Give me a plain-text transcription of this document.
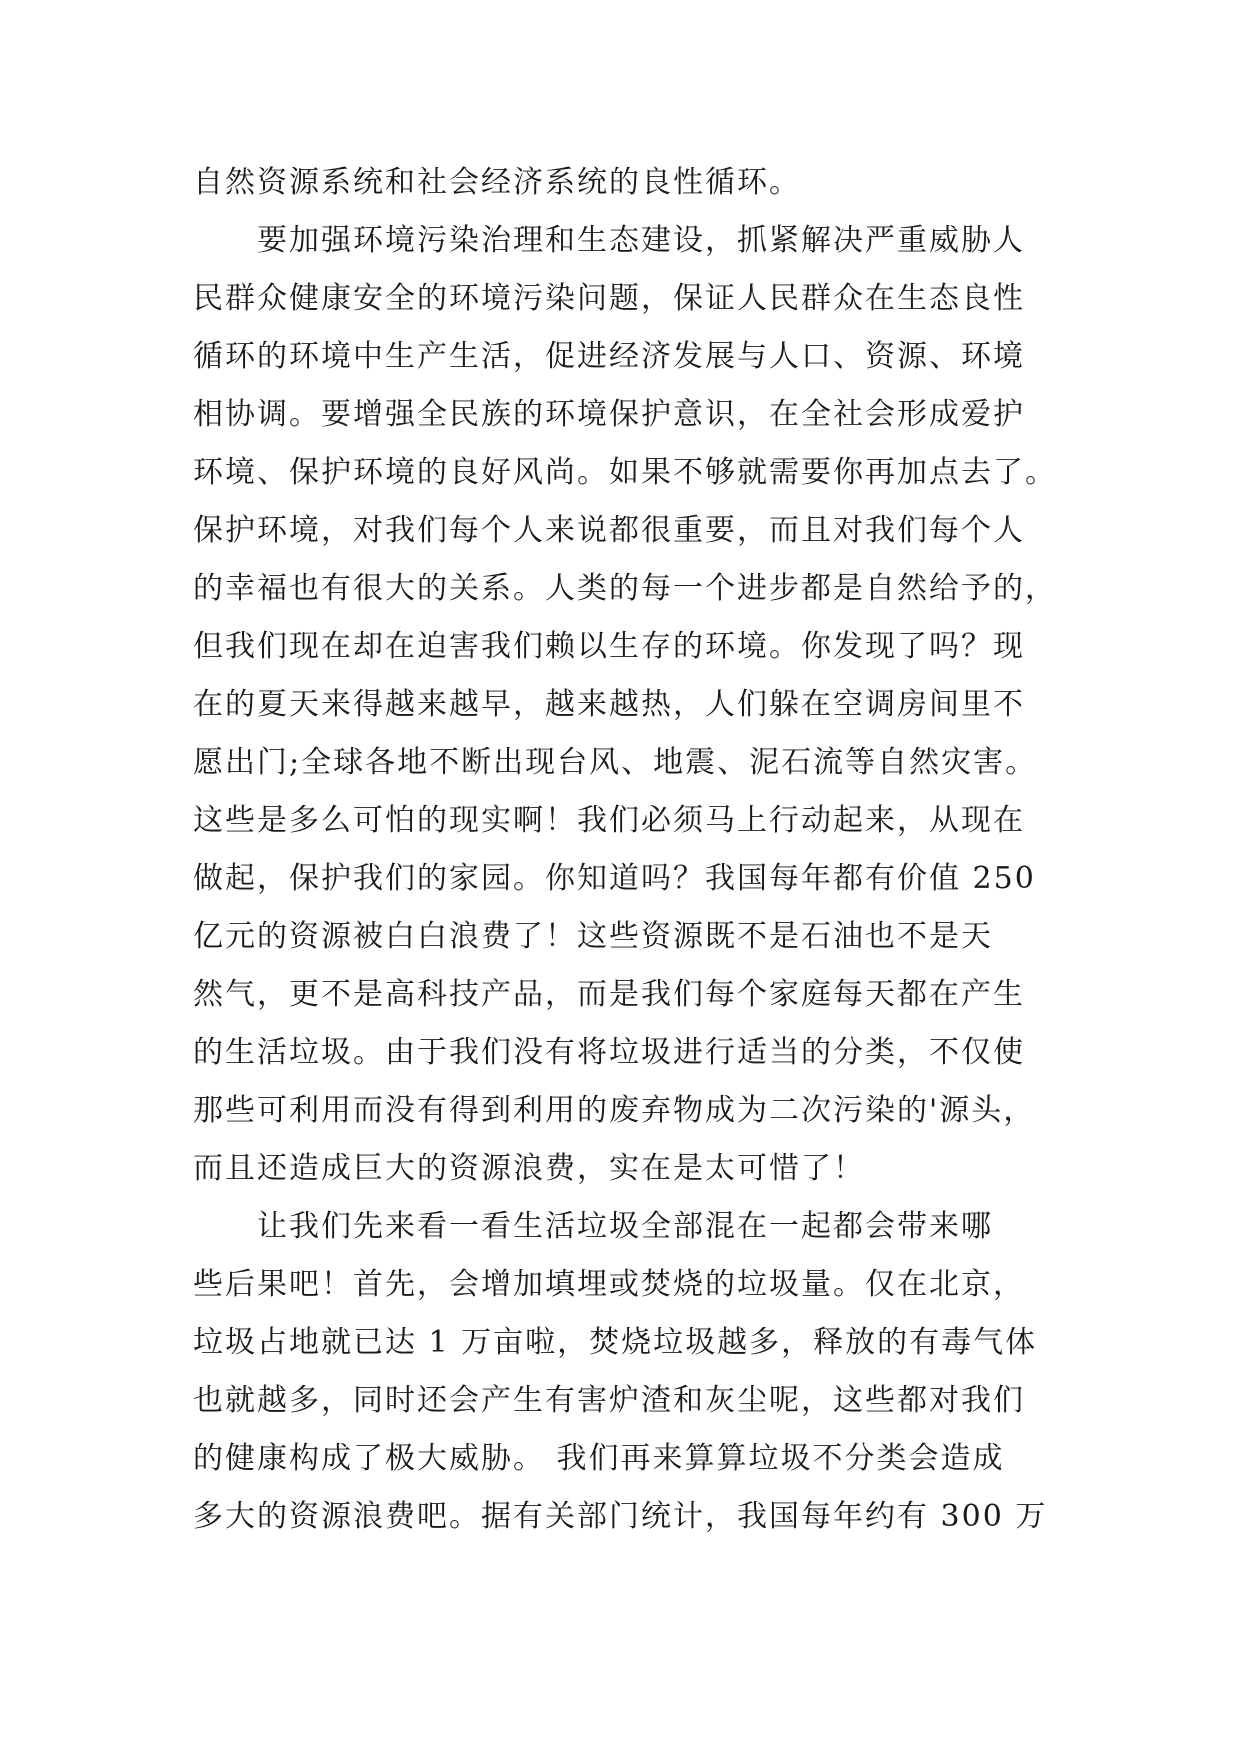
自然资源系统和社会经济系统的良性循环。
要加强环境污染治理和生态建设，抓紧解决严重威胁人
民群众健康安全的环境污染问题，保证人民群众在生态良性
循环的环境中生产生活，促进经济发展与人口、资源、环境
相协调。要增强全民族的环境保护意识，在全社会形成爱护
环境、保护环境的良好风尚。如果不够就需要你再加点去了。
保护环境，对我们每个人来说都很重要，而且对我们每个人
的幸福也有很大的关系。人类的每一个进步都是自然给予的，
但我们现在却在迫害我们赖以生存的环境。你发现了吗？现
在的夏天来得越来越早，越来越热，人们躲在空调房间里不
愿出门;全球各地不断出现台风、地震、泥石流等自然灾害。
这些是多么可怕的现实啊！我们必须马上行动起来，从现在
做起，保护我们的家园。你知道吗？我国每年都有价值 250
亿元的资源被白白浪费了！这些资源既不是石油也不是天
然气，更不是高科技产品，而是我们每个家庭每天都在产生
的生活垃圾。由于我们没有将垃圾进行适当的分类，不仅使
那些可利用而没有得到利用的废弃物成为二次污染的'源头，
而且还造成巨大的资源浪费，实在是太可惜了！
让我们先来看一看生活垃圾全部混在一起都会带来哪
些后果吧！首先，会增加填埋或焚烧的垃圾量。仅在北京，
垃圾占地就已达 1 万亩啦，焚烧垃圾越多，释放的有毒气体
也就越多，同时还会产生有害炉渣和灰尘呢，这些都对我们
的健康构成了极大威胁。 我们再来算算垃圾不分类会造成
多大的资源浪费吧。据有关部门统计，我国每年约有 300 万
